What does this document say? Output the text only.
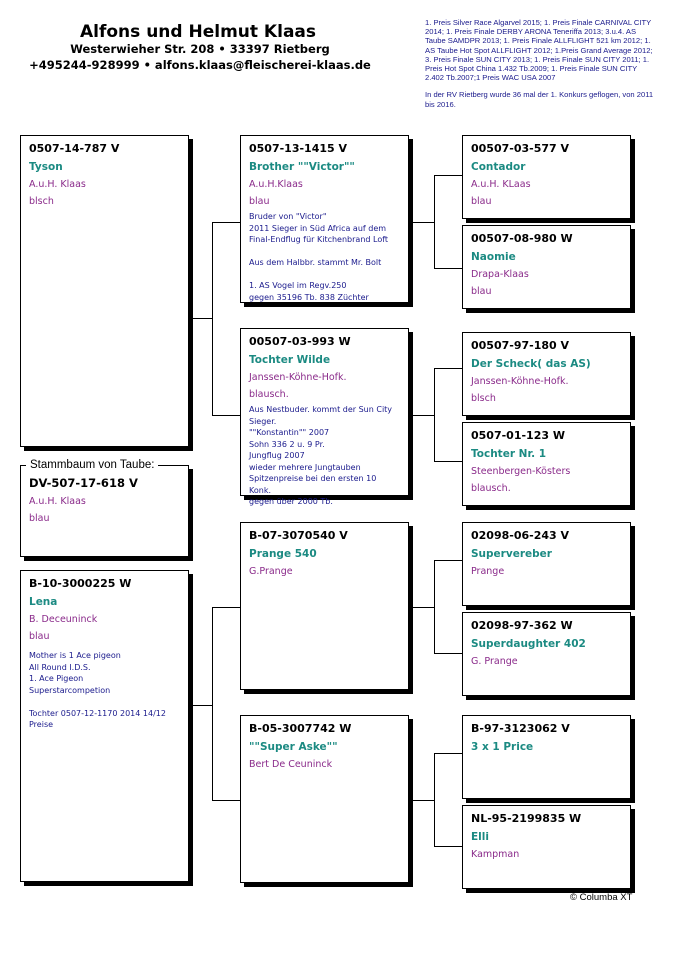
Alfons und Helmut Klaas
Westerwieher Str. 208 • 33397 Rietberg
+495244-928999 • alfons.klaas@fleischerei-klaas.de

1. Preis Silver Race Algarvel 2015; 1. Preis Finale CARNIVAL CITY 2014; 1. Preis Finale DERBY ARONA Teneriffa 2013; 3.u.4. AS Taube SAMDPR 2013; 1. Preis Finale ALLFLIGHT 521 km 2012; 1. AS Taube Hot Spot ALLFLIGHT 2012; 1.Preis Grand Average 2012; 3. Preis Finale SUN CITY 2013; 1. Preis Finale SUN CITY 2011; 1. Preis Hot Spot China 1.432 Tb.2009; 1. Preis Finale SUN CITY 2.402 Tb.2007;1 Preis WAC USA 2007

In der RV Rietberg wurde 36 mal der 1. Konkurs geflogen, von 2011 bis 2016.

0507-14-787 V
Tyson
A.u.H. Klaas
blsch
DV-507-17-618 V
A.u.H. Klaas
blau
Stammbaum von Taube:
B-10-3000225 W
Lena
B. Deceuninck
blau
Mother is 1 Ace pigeon
All Round I.D.S.
1. Ace Pigeon
Superstarcompetion

Tochter 0507-12-1170 2014 14/12
Preise
0507-13-1415 V
Brother ""Victor""
A.u.H.Klaas
blau
Bruder von "Victor"
2011 Sieger in Süd Africa auf dem
Final-Endflug für Kitchenbrand Loft

Aus dem Halbbr. stammt Mr. Bolt

1. AS Vogel im Regv.250
gegen 35196 Tb. 838 Züchter
00507-03-993 W
Tochter Wilde
Janssen-Köhne-Hofk.
blausch.
Aus Nestbuder. kommt der Sun City
Sieger.
""Konstantin"" 2007
Sohn 336 2 u. 9 Pr.
Jungflug 2007
wieder mehrere Jungtauben
Spitzenpreise bei den ersten 10 Konk.
gegen über 2000 Tb.
B-07-3070540 V
Prange 540
G.Prange
B-05-3007742 W
""Super Aske""
Bert De Ceuninck
00507-03-577 V
Contador
A.u.H. KLaas
blau
00507-08-980 W
Naomie
Drapa-Klaas
blau
00507-97-180 V
Der Scheck( das AS)
Janssen-Köhne-Hofk.
blsch
0507-01-123 W
Tochter Nr. 1
Steenbergen-Kösters
blausch.
02098-06-243 V
Supervereber
Prange
02098-97-362 W
Superdaughter 402
G. Prange
B-97-3123062 V
3 x 1 Price
NL-95-2199835 W
Elli
Kampman
© Columba XT
